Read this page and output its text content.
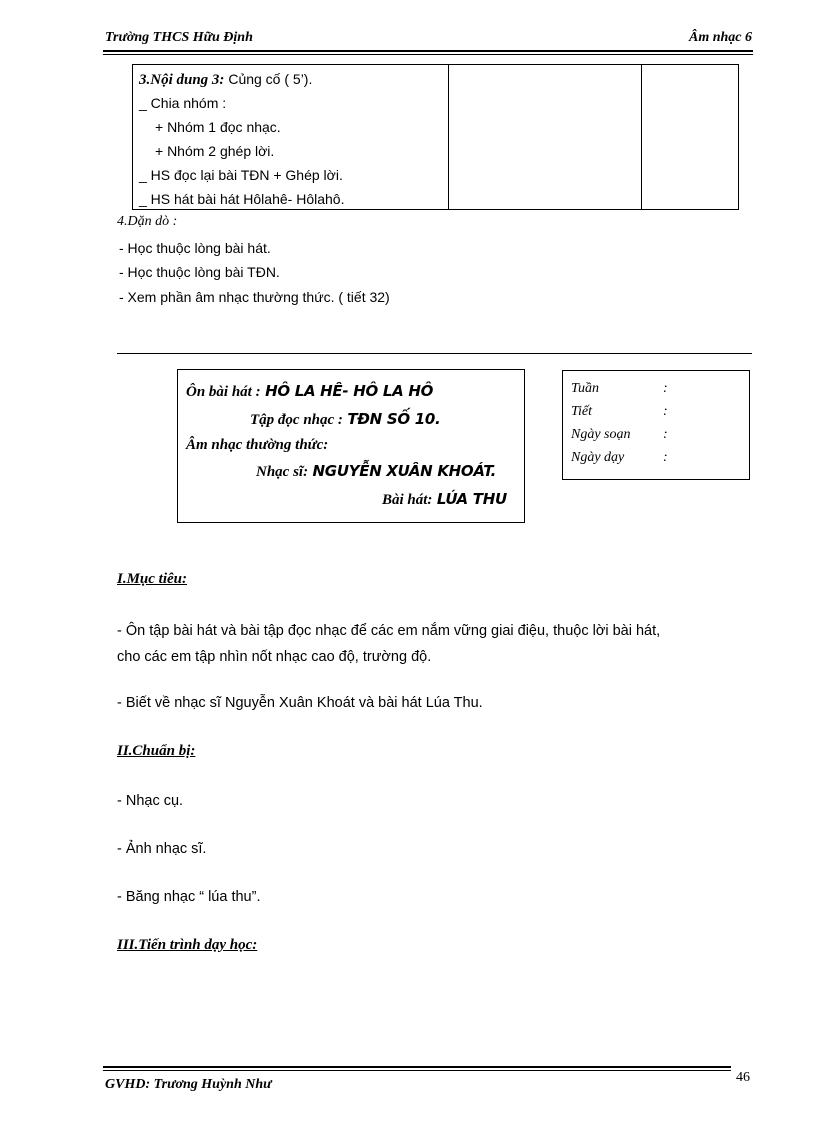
Trường THCS Hữu Định	Âm nhạc 6
3.Nội dung 3: Củng cố ( 5’).
_ Chia nhóm :
+ Nhóm 1 đọc nhạc.
+ Nhóm 2 ghép lời.
_ HS đọc lại bài TĐN + Ghép lời.
_ HS hát bài hát Hôlahê- Hôlahô.
4.Dặn dò :
- Học thuộc lòng bài hát.
- Học thuộc lòng bài TĐN.
- Xem phần âm nhạc thường thức. ( tiết 32)
Ôn bài hát : HÔ LA HÊ- HÔ LA HÔ
Tập đọc nhạc : TĐN SỐ 10.
Âm nhạc thường thức:
Nhạc sĩ: NGUYỄN XUÂN KHOÁT.
Bài hát: LÚA THU
Tuần	:
Tiết	:
Ngày soạn :
Ngày dạy	:
I.Mục tiêu:
- Ôn tập bài hát và bài tập đọc nhạc để các em nắm vững giai điệu, thuộc lời bài hát,
cho các em tập nhìn nốt nhạc cao độ, trường độ.
- Biết về nhạc sĩ Nguyễn Xuân Khoát và bài hát Lúa Thu.
II.Chuẩn bị:
- Nhạc cụ.
- Ảnh nhạc sĩ.
- Băng nhạc “ lúa thu”.
III.Tiến trình dạy học:
GVHD: Trương Huỳnh Như	46
